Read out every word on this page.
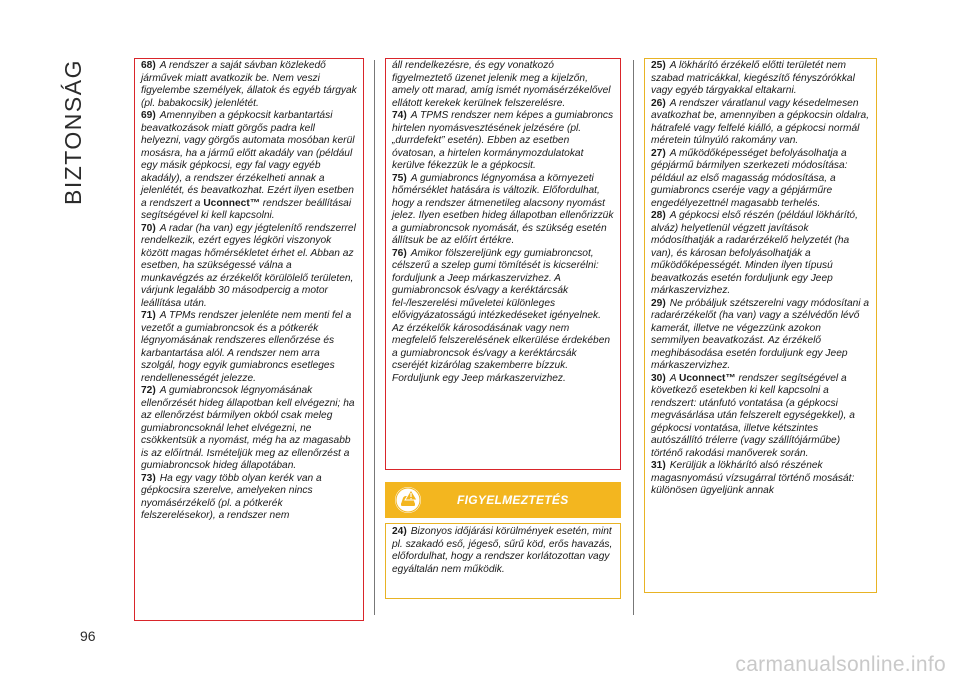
BIZTONSÁG
96

68) A rendszer a saját sávban közlekedő járművek miatt avatkozik be. Nem veszi figyelembe személyek, állatok és egyéb tárgyak (pl. babakocsik) jelenlétét.

69) Amennyiben a gépkocsit karbantartási beavatkozások miatt görgős padra kell helyezni, vagy görgős automata mosóban kerül mosásra, ha a jármű előtt akadály van (például egy másik gépkocsi, egy fal vagy egyéb akadály), a rendszer érzékelheti annak a jelenlétét, és beavatkozhat. Ezért ilyen esetben a rendszert a Uconnect™ rendszer beállításai segítségével ki kell kapcsolni.

70) A radar (ha van) egy jégtelenítő rendszerrel rendelkezik, ezért egyes légköri viszonyok között magas hőmérsékletet érhet el. Abban az esetben, ha szükségessé válna a munkavégzés az érzékelőt körülölelő területen, várjunk legalább 30 másodpercig a motor leállítása után.

71) A TPMs rendszer jelenléte nem menti fel a vezetőt a gumiabroncsok és a pótkerék légnyomásának rendszeres ellenőrzése és karbantartása alól. A rendszer nem arra szolgál, hogy egyik gumiabroncs esetleges rendellenességét jelezze.

72) A gumiabroncsok légnyomásának ellenőrzését hideg állapotban kell elvégezni; ha az ellenőrzést bármilyen okból csak meleg gumiabroncsoknál lehet elvégezni, ne csökkentsük a nyomást, még ha az magasabb is az előírtnál. Ismételjük meg az ellenőrzést a gumiabroncsok hideg állapotában.

73) Ha egy vagy több olyan kerék van a gépkocsira szerelve, amelyeken nincs nyomásérzékelő (pl. a pótkerék felszerelésekor), a rendszer nem

áll rendelkezésre, és egy vonatkozó figyelmeztető üzenet jelenik meg a kijelzőn, amely ott marad, amíg ismét nyomásérzékelővel ellátott kerekek kerülnek felszerelésre.

74) A TPMS rendszer nem képes a gumiabroncs hirtelen nyomásvesztésének jelzésére (pl. „durrdefekt” esetén). Ebben az esetben óvatosan, a hirtelen kormánymozdulatokat kerülve fékezzük le a gépkocsit.

75) A gumiabroncs légnyomása a környezeti hőmérséklet hatására is változik. Előfordulhat, hogy a rendszer átmenetileg alacsony nyomást jelez. Ilyen esetben hideg állapotban ellenőrizzük a gumiabroncsok nyomását, és szükség esetén állítsuk be az előírt értékre.

76) Amikor fölszereljünk egy gumiabroncsot, célszerű a szelep gumi tömítését is kicserélni: forduljunk a Jeep márkaszervizhez. A gumiabroncsok és/vagy a keréktárcsák fel-/leszerelési műveletei különleges elővigyázatosságú intézkedéseket igényelnek. Az érzékelők károsodásának vagy nem megfelelő felszerelésének elkerülése érdekében a gumiabroncsok és/vagy a keréktárcsák cseréjét kizárólag szakemberre bízzuk. Forduljunk egy Jeep márkaszervizhez.

FIGYELMEZTETÉS

24) Bizonyos időjárási körülmények esetén, mint pl. szakadó eső, jégeső, sűrű köd, erős havazás, előfordulhat, hogy a rendszer korlátozottan vagy egyáltalán nem működik.

25) A lökhárító érzékelő előtti területét nem szabad matricákkal, kiegészítő fényszórókkal vagy egyéb tárgyakkal eltakarni.

26) A rendszer váratlanul vagy késedelmesen avatkozhat be, amennyiben a gépkocsin oldalra, hátrafelé vagy felfelé kiálló, a gépkocsi normál méretein túlnyúló rakomány van.

27) A működőképességet befolyásolhatja a gépjármű bármilyen szerkezeti módosítása: például az első magasság módosítása, a gumiabroncs cseréje vagy a gépjárműre engedélyezettnél magasabb terhelés.

28) A gépkocsi első részén (például lökhárító, alváz) helyetlenül végzett javítások módosíthatják a radarérzékelő helyzetét (ha van), és károsan befolyásolhatják a működőképességét. Minden ilyen típusú beavatkozás esetén forduljunk egy Jeep márkaszervizhez.

29) Ne próbáljuk szétszerelni vagy módosítani a radarérzékelőt (ha van) vagy a szélvédőn lévő kamerát, illetve ne végezzünk azokon semmilyen beavatkozást. Az érzékelő meghibásodása esetén forduljunk egy Jeep márkaszervizhez.

30) A Uconnect™ rendszer segítségével a következő esetekben ki kell kapcsolni a rendszert: utánfutó vontatása (a gépkocsi megvásárlása után felszerelt egységekkel), a gépkocsi vontatása, illetve kétszintes autószállító trélerre (vagy szállítójárműbe) történő rakodási manőverek során.

31) Kerüljük a lökhárító alsó részének magasnyomású vízsugárral történő mosását: különösen ügyeljünk annak

carmanualsonline.info
